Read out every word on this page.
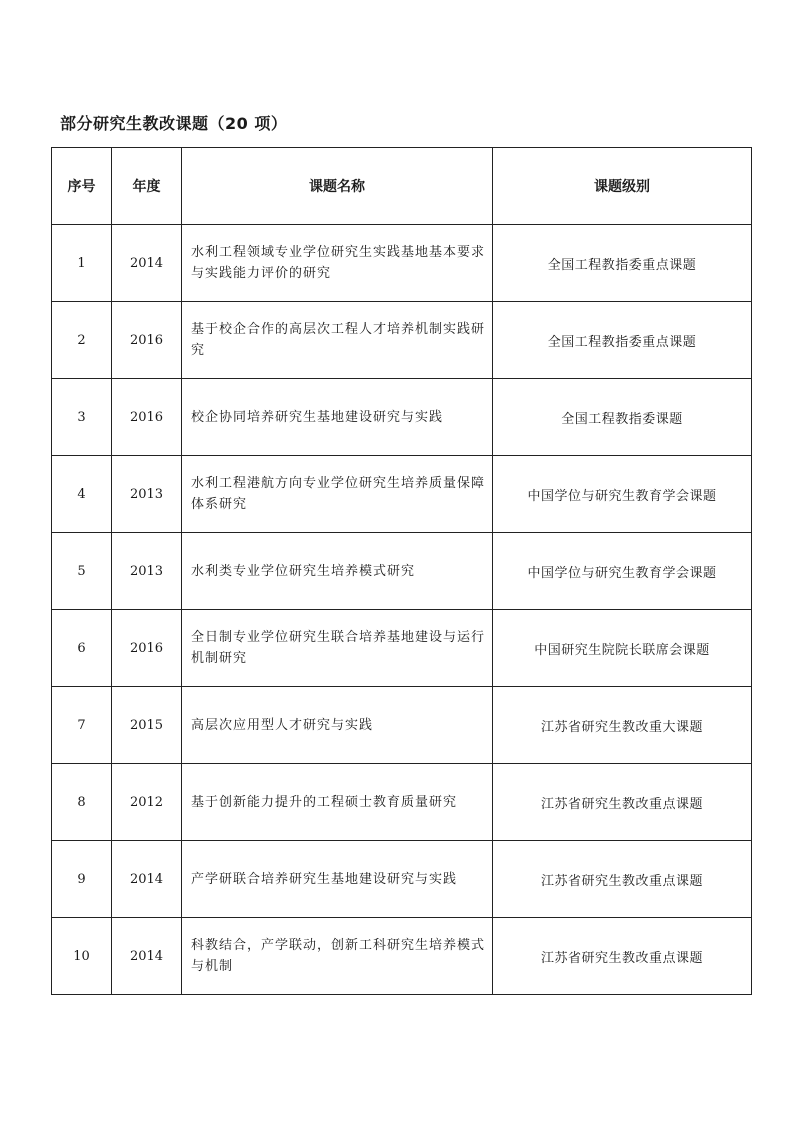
部分研究生教改课题（20 项）
序号	年度	课题名称	课题级别
1	2014	水利工程领域专业学位研究生实践基地基本要求与实践能力评价的研究	全国工程教指委重点课题
2	2016	基于校企合作的高层次工程人才培养机制实践研究	全国工程教指委重点课题
3	2016	校企协同培养研究生基地建设研究与实践	全国工程教指委课题
4	2013	水利工程港航方向专业学位研究生培养质量保障体系研究	中国学位与研究生教育学会课题
5	2013	水利类专业学位研究生培养模式研究	中国学位与研究生教育学会课题
6	2016	全日制专业学位研究生联合培养基地建设与运行机制研究	中国研究生院院长联席会课题
7	2015	高层次应用型人才研究与实践	江苏省研究生教改重大课题
8	2012	基于创新能力提升的工程硕士教育质量研究	江苏省研究生教改重点课题
9	2014	产学研联合培养研究生基地建设研究与实践	江苏省研究生教改重点课题
10	2014	科教结合，产学联动，创新工科研究生培养模式与机制	江苏省研究生教改重点课题
